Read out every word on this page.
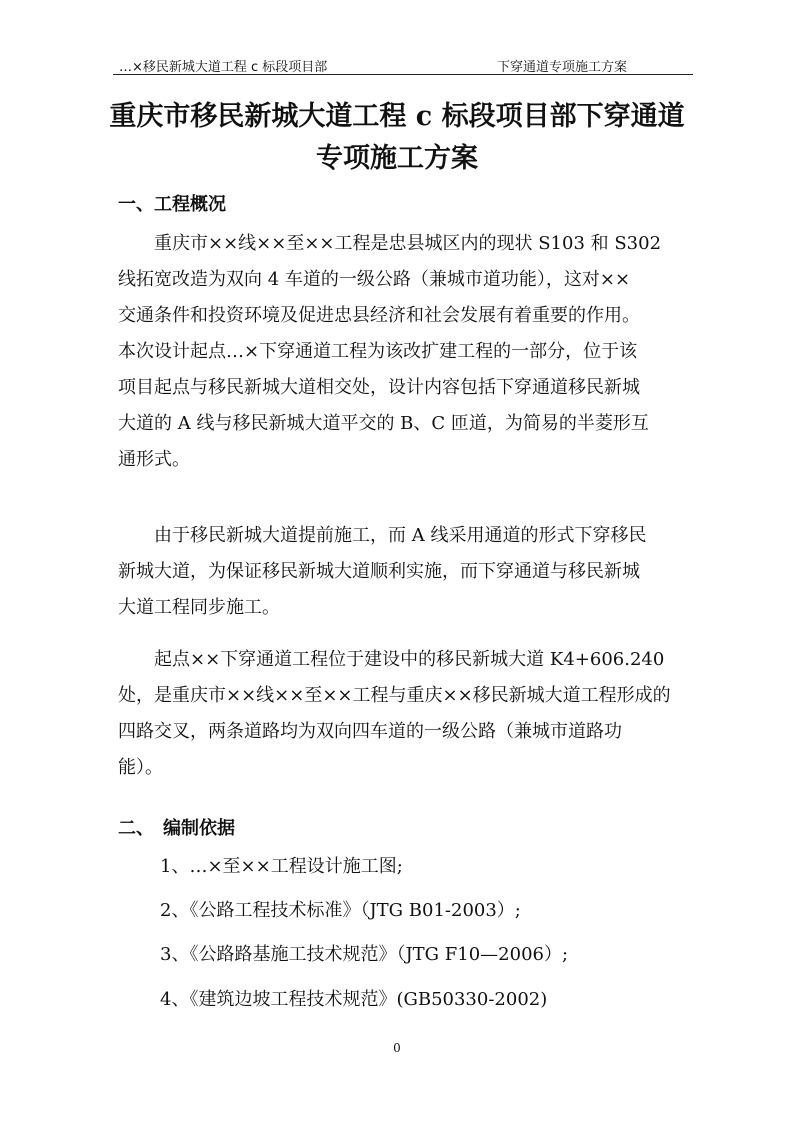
…×移民新城大道工程 c 标段项目部	下穿通道专项施工方案
重庆市移民新城大道工程 c 标段项目部下穿通道
专项施工方案
一、工程概况
重庆市××线××至××工程是忠县城区内的现状 S103 和 S302
线拓宽改造为双向 4 车道的一级公路（兼城市道功能），这对××
交通条件和投资环境及促进忠县经济和社会发展有着重要的作用。
本次设计起点…×下穿通道工程为该改扩建工程的一部分，位于该
项目起点与移民新城大道相交处，设计内容包括下穿通道移民新城
大道的 A 线与移民新城大道平交的 B、C 匝道，为简易的半菱形互
通形式。
由于移民新城大道提前施工，而 A 线采用通道的形式下穿移民
新城大道，为保证移民新城大道顺利实施，而下穿通道与移民新城
大道工程同步施工。
起点××下穿通道工程位于建设中的移民新城大道 K4+606.240
处，是重庆市××线××至××工程与重庆××移民新城大道工程形成的
四路交叉，两条道路均为双向四车道的一级公路（兼城市道路功
能）。
二、　编制依据
1、…×至××工程设计施工图;
2、《公路工程技术标准》（JTG B01-2003）;
3、《公路路基施工技术规范》（JTG F10—2006）;
4、《建筑边坡工程技术规范》(GB50330-2002)
0
